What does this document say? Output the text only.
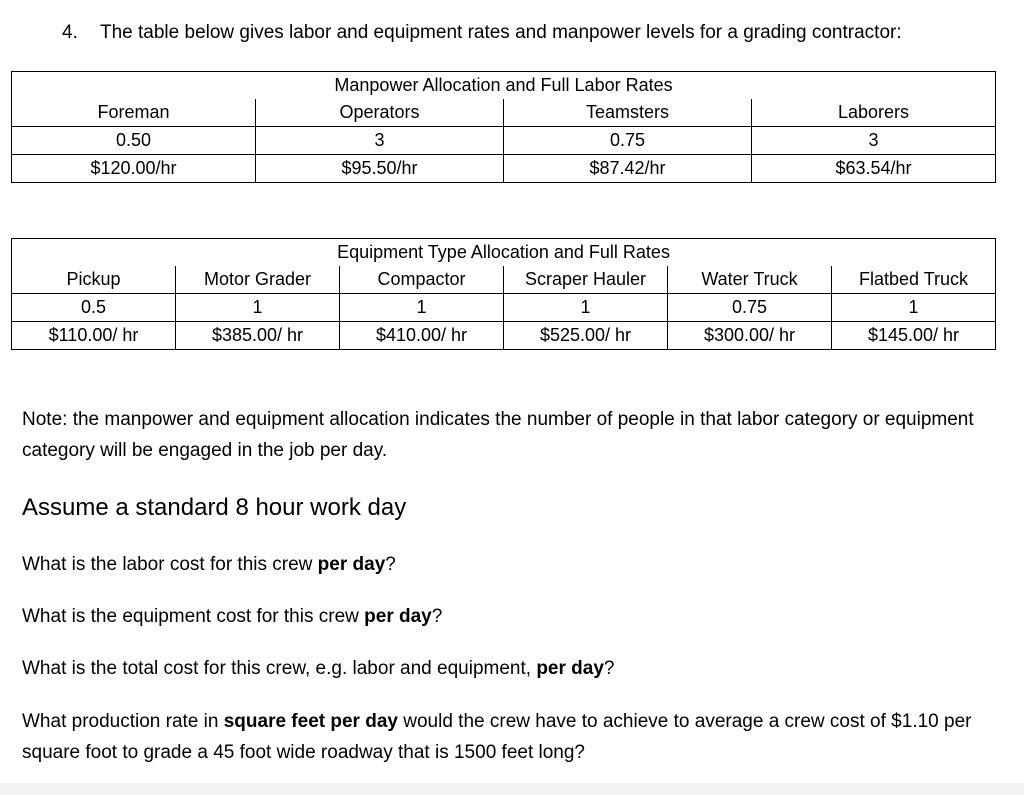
4. The table below gives labor and equipment rates and manpower levels for a grading contractor:
Manpower Allocation and Full Labor Rates			
Foreman	Operators	Teamsters	Laborers
0.50	3	0.75	3
$120.00/hr	$95.50/hr	$87.42/hr	$63.54/hr
Equipment Type Allocation and Full Rates					
Pickup	Motor Grader	Compactor	Scraper Hauler	Water Truck	Flatbed Truck
0.5	1	1	1	0.75	1
$110.00/ hr	$385.00/ hr	$410.00/ hr	$525.00/ hr	$300.00/ hr	$145.00/ hr
Note: the manpower and equipment allocation indicates the number of people in that labor category or equipment category will be engaged in the job per day.
Assume a standard 8 hour work day
What is the labor cost for this crew per day?
What is the equipment cost for this crew per day?
What is the total cost for this crew, e.g. labor and equipment, per day?
What production rate in square feet per day would the crew have to achieve to average a crew cost of $1.10 per square foot to grade a 45 foot wide roadway that is 1500 feet long?
